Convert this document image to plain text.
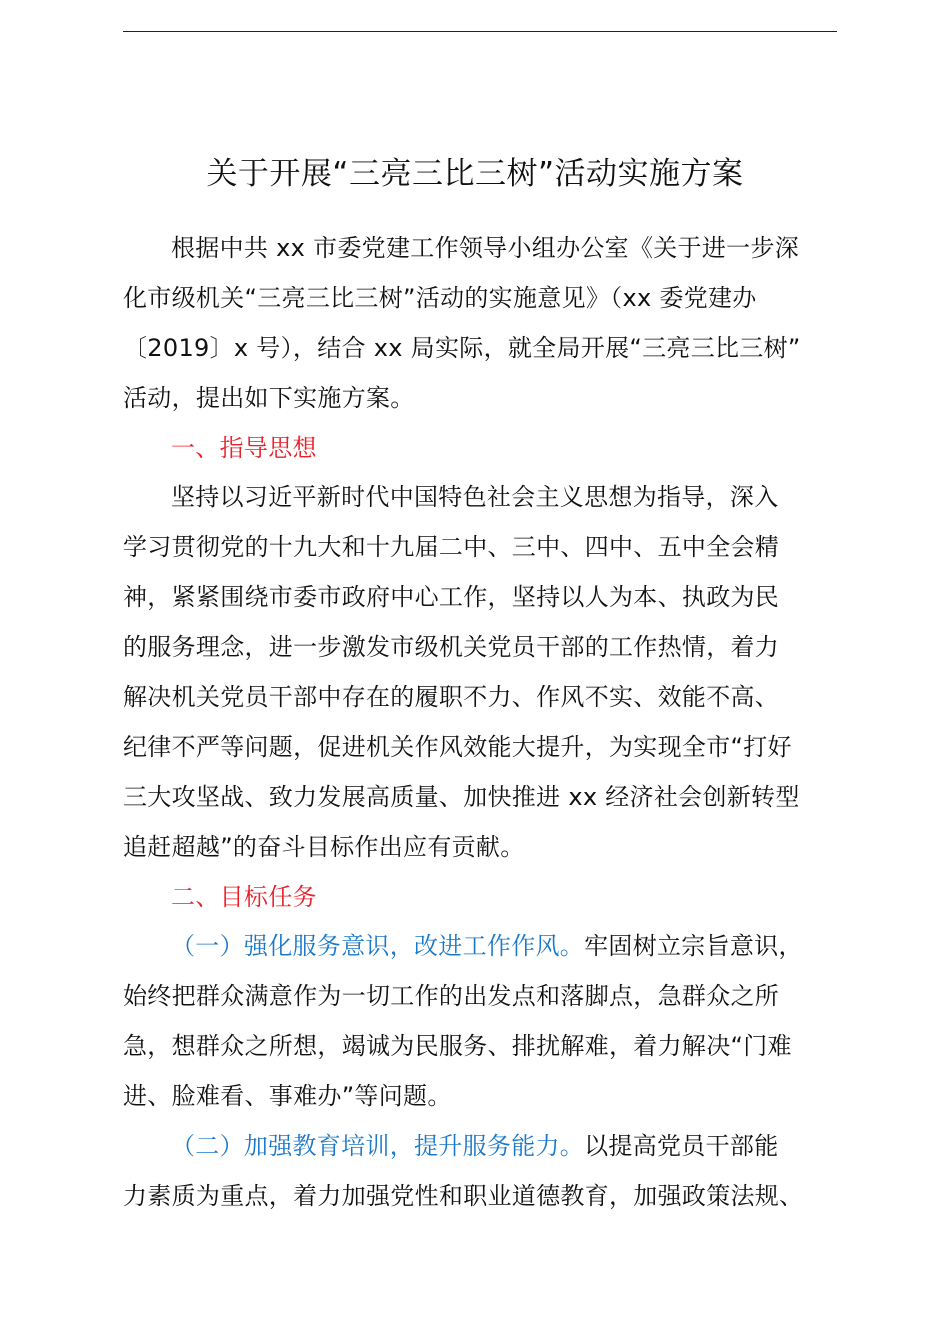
关于开展“三亮三比三树”活动实施方案
根据中共 xx 市委党建工作领导小组办公室《关于进一步深
化市级机关“三亮三比三树”活动的实施意见》（xx 委党建办
〔2019〕x 号），结合 xx 局实际，就全局开展“三亮三比三树”
活动，提出如下实施方案。
一、指导思想
坚持以习近平新时代中国特色社会主义思想为指导，深入
学习贯彻党的十九大和十九届二中、三中、四中、五中全会精
神，紧紧围绕市委市政府中心工作，坚持以人为本、执政为民
的服务理念，进一步激发市级机关党员干部的工作热情，着力
解决机关党员干部中存在的履职不力、作风不实、效能不高、
纪律不严等问题，促进机关作风效能大提升，为实现全市“打好
三大攻坚战、致力发展高质量、加快推进 xx 经济社会创新转型
追赶超越”的奋斗目标作出应有贡献。
二、目标任务
（一）强化服务意识，改进工作作风。牢固树立宗旨意识，
始终把群众满意作为一切工作的出发点和落脚点，急群众之所
急，想群众之所想，竭诚为民服务、排扰解难，着力解决“门难
进、脸难看、事难办”等问题。
（二）加强教育培训，提升服务能力。以提高党员干部能
力素质为重点，着力加强党性和职业道德教育，加强政策法规、
